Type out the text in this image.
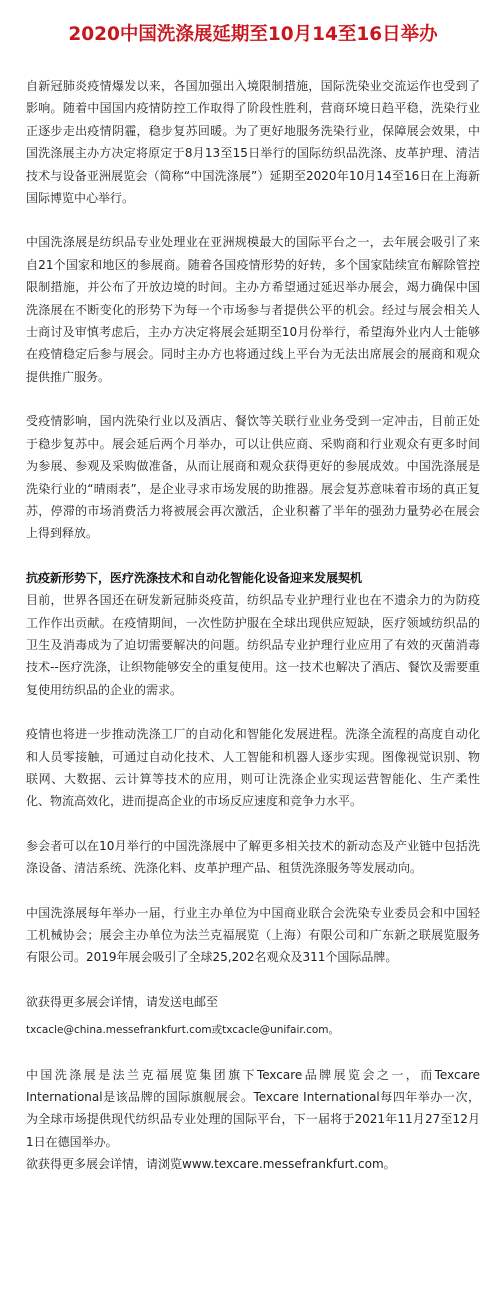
2020中国洗涤展延期至10月14至16日举办

自新冠肺炎疫情爆发以来，各国加强出入境限制措施，国际洗染业交流运作也受到了影响。随着中国国内疫情防控工作取得了阶段性胜利，营商环境日趋平稳，洗染行业正逐步走出疫情阴霾，稳步复苏回暖。为了更好地服务洗染行业，保障展会效果，中国洗涤展主办方决定将原定于8月13至15日举行的国际纺织品洗涤、皮革护理、清洁技术与设备亚洲展览会（简称“中国洗涤展”）延期至2020年10月14至16日在上海新国际博览中心举行。

中国洗涤展是纺织品专业处理业在亚洲规模最大的国际平台之一，去年展会吸引了来自21个国家和地区的参展商。随着各国疫情形势的好转，多个国家陆续宣布解除管控限制措施，并公布了开放边境的时间。主办方希望通过延迟举办展会，竭力确保中国洗涤展在不断变化的形势下为每一个市场参与者提供公平的机会。经过与展会相关人士商讨及审慎考虑后，主办方决定将展会延期至10月份举行，希望海外业内人士能够在疫情稳定后参与展会。同时主办方也将通过线上平台为无法出席展会的展商和观众提供推广服务。

受疫情影响，国内洗染行业以及酒店、餐饮等关联行业业务受到一定冲击，目前正处于稳步复苏中。展会延后两个月举办，可以让供应商、采购商和行业观众有更多时间为参展、参观及采购做准备，从而让展商和观众获得更好的参展成效。中国洗涤展是洗染行业的“晴雨表”，是企业寻求市场发展的助推器。展会复苏意味着市场的真正复苏，停滞的市场消费活力将被展会再次激活，企业积蓄了半年的强劲力量势必在展会上得到释放。

抗疫新形势下，医疗洗涤技术和自动化智能化设备迎来发展契机

目前，世界各国还在研发新冠肺炎疫苗，纺织品专业护理行业也在不遗余力的为防疫工作作出贡献。在疫情期间，一次性防护服在全球出现供应短缺，医疗领域纺织品的卫生及消毒成为了迫切需要解决的问题。纺织品专业护理行业应用了有效的灭菌消毒技术--医疗洗涤，让织物能够安全的重复使用。这一技术也解决了酒店、餐饮及需要重复使用纺织品的企业的需求。

疫情也将进一步推动洗涤工厂的自动化和智能化发展进程。洗涤全流程的高度自动化和人员零接触，可通过自动化技术、人工智能和机器人逐步实现。图像视觉识别、物联网、大数据、云计算等技术的应用，则可让洗涤企业实现运营智能化、生产柔性化、物流高效化，进而提高企业的市场反应速度和竞争力水平。

参会者可以在10月举行的中国洗涤展中了解更多相关技术的新动态及产业链中包括洗涤设备、清洁系统、洗涤化料、皮革护理产品、租赁洗涤服务等发展动向。

中国洗涤展每年举办一届，行业主办单位为中国商业联合会洗染专业委员会和中国轻工机械协会；展会主办单位为法兰克福展览（上海）有限公司和广东新之联展览服务有限公司。2019年展会吸引了全球25,202名观众及311个国际品牌。

欲获得更多展会详情，请发送电邮至

txcacle@china.messefrankfurt.com或txcacle@unifair.com。

中国洗涤展是法兰克福展览集团旗下Texcare品牌展览会之一，而Texcare International是该品牌的国际旗舰展会。Texcare International每四年举办一次，为全球市场提供现代纺织品专业处理的国际平台，下一届将于2021年11月27至12月1日在德国举办。

欲获得更多展会详情，请浏览www.texcare.messefrankfurt.com。
